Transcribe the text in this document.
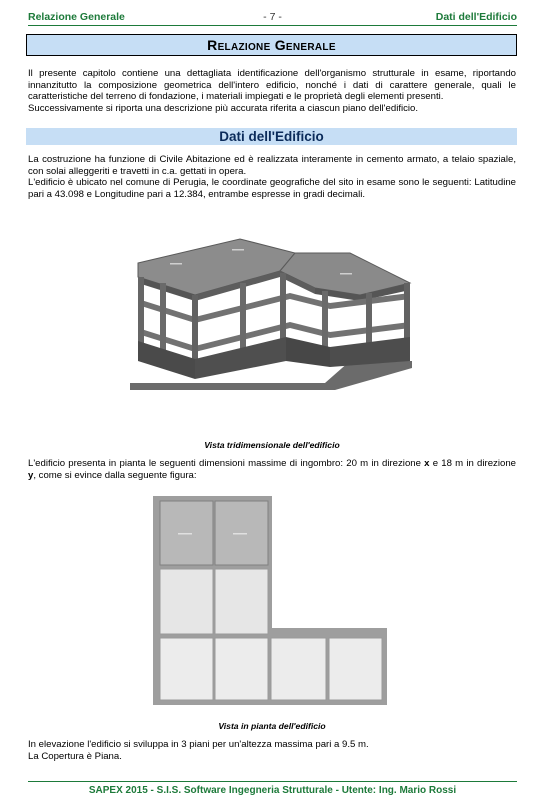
Relazione Generale	- 7 -	Dati dell'Edificio
Relazione Generale

Il presente capitolo contiene una dettagliata identificazione dell'organismo strutturale in esame, riportando innanzitutto la composizione geometrica dell'intero edificio, nonché i dati di carattere generale, quali le caratteristiche del terreno di fondazione, i materiali impiegati e le proprietà degli elementi presenti.

Successivamente si riporta una descrizione più accurata riferita a ciascun piano dell'edificio.

Dati dell'Edificio

La costruzione ha funzione di Civile Abitazione ed è realizzata interamente in cemento armato, a telaio spaziale, con solai alleggeriti e travetti in c.a. gettati in opera.

L'edificio è ubicato nel comune di Perugia, le coordinate geografiche del sito in esame sono le seguenti: Latitudine pari a 43.098 e Longitudine pari a 12.384, entrambe espresse in gradi decimali.

Vista tridimensionale dell'edificio

L'edificio presenta in pianta le seguenti dimensioni massime di ingombro: 20 m in direzione x e 18 m in direzione y, come si evince dalla seguente figura:

Vista in pianta dell'edificio

In elevazione l'edificio si sviluppa in 3 piani per un'altezza massima pari a 9.5 m.

La Copertura è Piana.

SAPEX 2015 - S.I.S. Software Ingegneria Strutturale - Utente: Ing. Mario Rossi
